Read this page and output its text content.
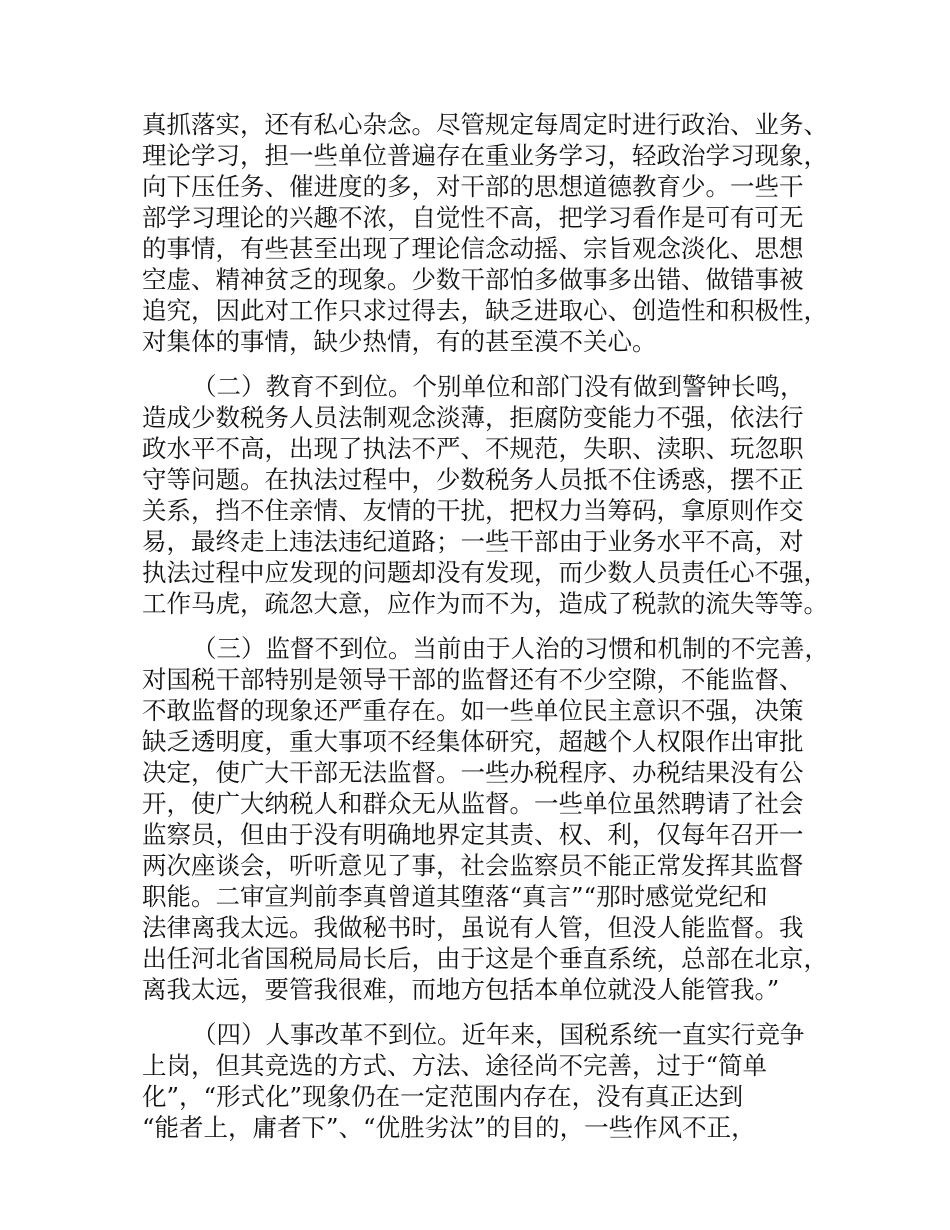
真抓落实，还有私心杂念。尽管规定每周定时进行政治、业务、
理论学习，担一些单位普遍存在重业务学习，轻政治学习现象，
向下压任务、催进度的多，对干部的思想道德教育少。一些干
部学习理论的兴趣不浓，自觉性不高，把学习看作是可有可无
的事情，有些甚至出现了理论信念动摇、宗旨观念淡化、思想
空虚、精神贫乏的现象。少数干部怕多做事多出错、做错事被
追究，因此对工作只求过得去，缺乏进取心、创造性和积极性，
对集体的事情，缺少热情，有的甚至漠不关心。
（二）教育不到位。个别单位和部门没有做到警钟长鸣，
造成少数税务人员法制观念淡薄，拒腐防变能力不强，依法行
政水平不高，出现了执法不严、不规范，失职、渎职、玩忽职
守等问题。在执法过程中，少数税务人员抵不住诱惑，摆不正
关系，挡不住亲情、友情的干扰，把权力当筹码，拿原则作交
易，最终走上违法违纪道路；一些干部由于业务水平不高，对
执法过程中应发现的问题却没有发现，而少数人员责任心不强，
工作马虎，疏忽大意，应作为而不为，造成了税款的流失等等。
（三）监督不到位。当前由于人治的习惯和机制的不完善，
对国税干部特别是领导干部的监督还有不少空隙，不能监督、
不敢监督的现象还严重存在。如一些单位民主意识不强，决策
缺乏透明度，重大事项不经集体研究，超越个人权限作出审批
决定，使广大干部无法监督。一些办税程序、办税结果没有公
开，使广大纳税人和群众无从监督。一些单位虽然聘请了社会
监察员，但由于没有明确地界定其责、权、利，仅每年召开一
两次座谈会，听听意见了事，社会监察员不能正常发挥其监督
职能。二审宣判前李真曾道其堕落“真言”“那时感觉党纪和
法律离我太远。我做秘书时，虽说有人管，但没人能监督。我
出任河北省国税局局长后，由于这是个垂直系统，总部在北京，
离我太远，要管我很难，而地方包括本单位就没人能管我。”
（四）人事改革不到位。近年来，国税系统一直实行竞争
上岗，但其竞选的方式、方法、途径尚不完善，过于“简单
化”，“形式化”现象仍在一定范围内存在，没有真正达到
“能者上，庸者下”、“优胜劣汰”的目的，一些作风不正，
